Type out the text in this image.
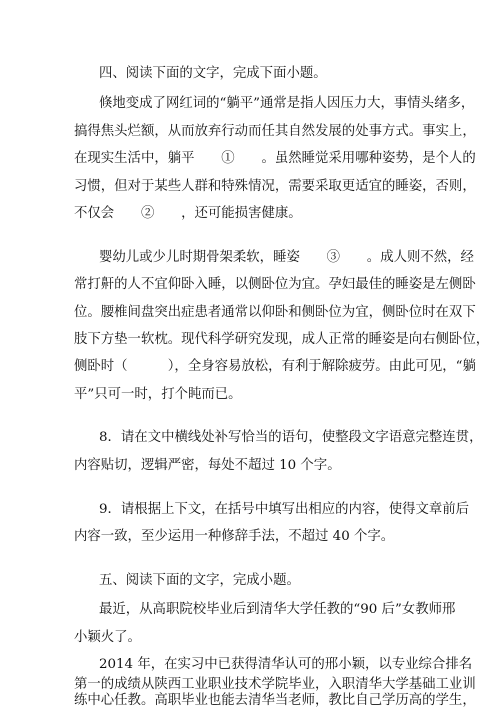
四、阅读下面的文字，完成下面小题。
倏地变成了网红词的“躺平”通常是指人因压力大，事情头绪多，
搞得焦头烂额，从而放弃行动而任其自然发展的处事方式。事实上，
在现实生活中，躺平　　①　　。虽然睡觉采用哪种姿势，是个人的
习惯，但对于某些人群和特殊情况，需要采取更适宜的睡姿，否则，
不仅会　　②　　，还可能损害健康。
婴幼儿或少儿时期骨架柔软，睡姿　　③　　。成人则不然，经
常打鼾的人不宜仰卧入睡，以侧卧位为宜。孕妇最佳的睡姿是左侧卧
位。腰椎间盘突出症患者通常以仰卧和侧卧位为宜，侧卧位时在双下
肢下方垫一软枕。现代科学研究发现，成人正常的睡姿是向右侧卧位，
侧卧时（　　　），全身容易放松，有利于解除疲劳。由此可见，“躺
平”只可一时，打个盹而已。
8．请在文中横线处补写恰当的语句，使整段文字语意完整连贯，
内容贴切，逻辑严密，每处不超过 10 个字。
9．请根据上下文，在括号中填写出相应的内容，使得文章前后
内容一致，至少运用一种修辞手法，不超过 40 个字。
五、阅读下面的文字，完成小题。
最近，从高职院校毕业后到清华大学任教的“90 后”女教师邢
小颖火了。
2014 年，在实习中已获得清华认可的邢小颖，以专业综合排名
第一的成绩从陕西工业职业技术学院毕业，入职清华大学基础工业训
练中心任教。高职毕业也能去清华当老师，教比自己学历高的学生，
